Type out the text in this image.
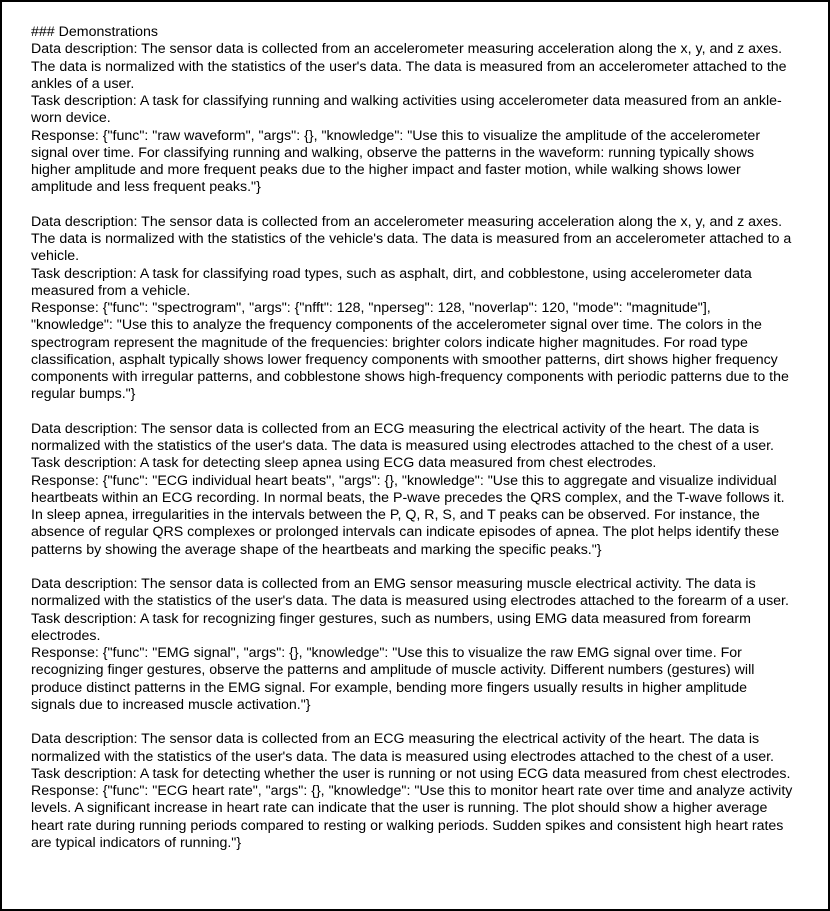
### Demonstrations

Data description: The sensor data is collected from an accelerometer measuring acceleration along the x, y, and z axes. The data is normalized with the statistics of the user's data. The data is measured from an accelerometer attached to the ankles of a user.

Task description: A task for classifying running and walking activities using accelerometer data measured from an ankle-worn device.

Response: {"func": "raw waveform", "args": {}, "knowledge": "Use this to visualize the amplitude of the accelerometer signal over time. For classifying running and walking, observe the patterns in the waveform: running typically shows higher amplitude and more frequent peaks due to the higher impact and faster motion, while walking shows lower amplitude and less frequent peaks."}

Data description: The sensor data is collected from an accelerometer measuring acceleration along the x, y, and z axes. The data is normalized with the statistics of the vehicle's data. The data is measured from an accelerometer attached to a vehicle.

Task description: A task for classifying road types, such as asphalt, dirt, and cobblestone, using accelerometer data measured from a vehicle.

Response: {"func": "spectrogram", "args": {"nfft": 128, "nperseg": 128, "noverlap": 120, "mode": "magnitude"], "knowledge": "Use this to analyze the frequency components of the accelerometer signal over time. The colors in the spectrogram represent the magnitude of the frequencies: brighter colors indicate higher magnitudes. For road type classification, asphalt typically shows lower frequency components with smoother patterns, dirt shows higher frequency components with irregular patterns, and cobblestone shows high-frequency components with periodic patterns due to the regular bumps."}

Data description: The sensor data is collected from an ECG measuring the electrical activity of the heart. The data is normalized with the statistics of the user's data. The data is measured using electrodes attached to the chest of a user.

Task description: A task for detecting sleep apnea using ECG data measured from chest electrodes.

Response: {"func": "ECG individual heart beats", "args": {}, "knowledge": "Use this to aggregate and visualize individual heartbeats within an ECG recording. In normal beats, the P-wave precedes the QRS complex, and the T-wave follows it. In sleep apnea, irregularities in the intervals between the P, Q, R, S, and T peaks can be observed. For instance, the absence of regular QRS complexes or prolonged intervals can indicate episodes of apnea. The plot helps identify these patterns by showing the average shape of the heartbeats and marking the specific peaks."}

Data description: The sensor data is collected from an EMG sensor measuring muscle electrical activity. The data is normalized with the statistics of the user's data. The data is measured using electrodes attached to the forearm of a user.

Task description: A task for recognizing finger gestures, such as numbers, using EMG data measured from forearm electrodes.

Response: {"func": "EMG signal", "args": {}, "knowledge": "Use this to visualize the raw EMG signal over time. For recognizing finger gestures, observe the patterns and amplitude of muscle activity. Different numbers (gestures) will produce distinct patterns in the EMG signal. For example, bending more fingers usually results in higher amplitude signals due to increased muscle activation."}

Data description: The sensor data is collected from an ECG measuring the electrical activity of the heart. The data is normalized with the statistics of the user's data. The data is measured using electrodes attached to the chest of a user.

Task description: A task for detecting whether the user is running or not using ECG data measured from chest electrodes.

Response: {"func": "ECG heart rate", "args": {}, "knowledge": "Use this to monitor heart rate over time and analyze activity levels. A significant increase in heart rate can indicate that the user is running. The plot should show a higher average heart rate during running periods compared to resting or walking periods. Sudden spikes and consistent high heart rates are typical indicators of running."}
